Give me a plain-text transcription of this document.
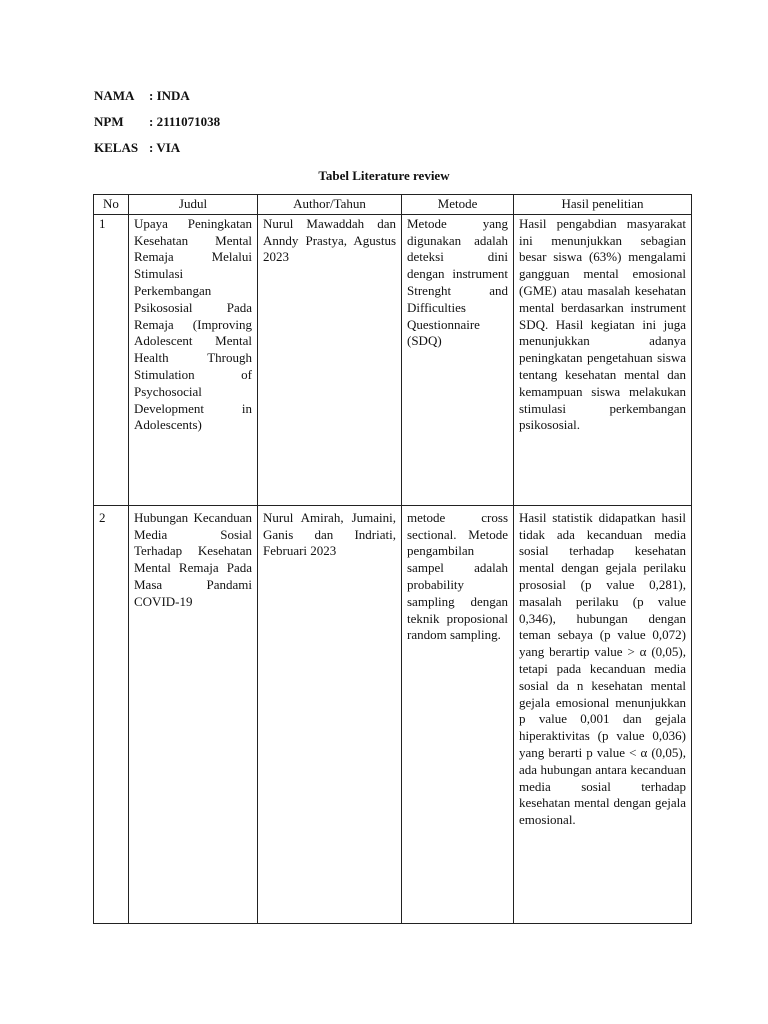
NAMA	: INDA
NPM	: 2111071038
KELAS : VIA
Tabel Literature review
No	Judul	Author/Tahun	Metode	Hasil penelitian
1	Upaya Peningkatan Kesehatan Mental Remaja Melalui Stimulasi Perkembangan Psikososial Pada Remaja (Improving Adolescent Mental Health Through Stimulation of Psychosocial Development in Adolescents)	Nurul Mawaddah dan Anndy Prastya, Agustus 2023	Metode yang digunakan adalah deteksi dini dengan instrument Strenght and Difficulties Questionnaire (SDQ)	Hasil pengabdian masyarakat ini menunjukkan sebagian besar siswa (63%) mengalami gangguan mental emosional (GME) atau masalah kesehatan mental berdasarkan instrument SDQ. Hasil kegiatan ini juga menunjukkan adanya peningkatan pengetahuan siswa tentang kesehatan mental dan kemampuan siswa melakukan stimulasi perkembangan psikososial.
2	Hubungan Kecanduan Media Sosial Terhadap Kesehatan Mental Remaja Pada Masa Pandami COVID-19	Nurul Amirah, Jumaini, Ganis dan Indriati, Februari 2023	metode cross sectional. Metode pengambilan sampel adalah probability sampling dengan teknik proposional random sampling.	Hasil statistik didapatkan hasil tidak ada kecanduan media sosial terhadap kesehatan mental dengan gejala perilaku prososial (p value 0,281), masalah perilaku (p value 0,346), hubungan dengan teman sebaya (p value 0,072) yang berartip value > α (0,05), tetapi pada kecanduan media sosial da n kesehatan mental gejala emosional menunjukkan p value 0,001 dan gejala hiperaktivitas (p value 0,036) yang berarti p value < α (0,05), ada hubungan antara kecanduan media sosial terhadap kesehatan mental dengan gejala emosional.
